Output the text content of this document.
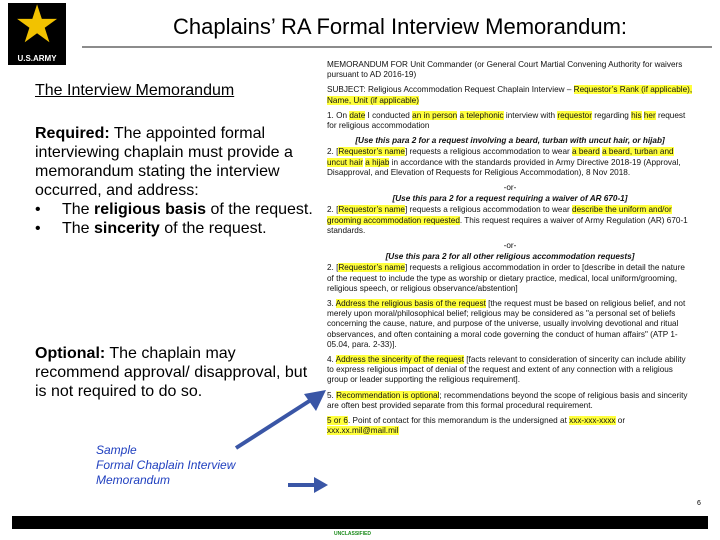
★
U.S.ARMY
Chaplains’ RA Formal Interview Memorandum:
The Interview Memorandum
Required: The appointed formal interviewing chaplain must provide a memorandum stating the interview occurred, and address:
• The religious basis of the request.
• The sincerity of the request.
Optional: The chaplain may recommend approval/ disapproval, but is not required to do so.
Sample
Formal Chaplain Interview
Memorandum

MEMORANDUM FOR Unit Commander (or General Court Martial Convening Authority for waivers pursuant to AD 2016-19)

SUBJECT: Religious Accommodation Request Chaplain Interview – Requestor’s Rank (if applicable), Name, Unit (if applicable)

1. On date I conducted an in person a telephonic interview with requestor regarding his her request for religious accommodation

[Use this para 2 for a request involving a beard, turban with uncut hair, or hijab]

2. [Requestor’s name] requests a religious accommodation to wear a beard a beard, turban and uncut hair a hijab in accordance with the standards provided in Army Directive 2018-19 (Approval, Disapproval, and Elevation of Requests for Religious Accommodation), 8 Nov 2018.

-or-
[Use this para 2 for a request requiring a waiver of AR 670-1]

2. [Requestor’s name] requests a religious accommodation to wear describe the uniform and/or grooming accommodation requested. This request requires a waiver of Army Regulation (AR) 670-1 standards.

-or-
[Use this para 2 for all other religious accommodation requests]

2. [Requestor’s name] requests a religious accommodation in order to [describe in detail the nature of the request to include the type as worship or dietary practice, medical, local uniform/grooming, religious speech, or religious observance/abstention]

3. Address the religious basis of the request [the request must be based on religious belief, and not merely upon moral/philosophical belief; religious may be considered as "a personal set of beliefs concerning the cause, nature, and purpose of the universe, usually involving devotional and ritual observances, and often containing a moral code governing the conduct of human affairs" (ATP 1-05.04, para. 2-33)].

4. Address the sincerity of the request [facts relevant to consideration of sincerity can include ability to express religious impact of denial of the request and extent of any connection with a religious group or leader supporting the religious requirement].

5. Recommendation is optional; recommendations beyond the scope of religious basis and sincerity are often best provided separate from this formal procedural requirement.

5 or 6. Point of contact for this memorandum is the undersigned at xxx-xxx-xxxx or xxx.xx.mil@mail.mil

6
UNCLASSIFIED
